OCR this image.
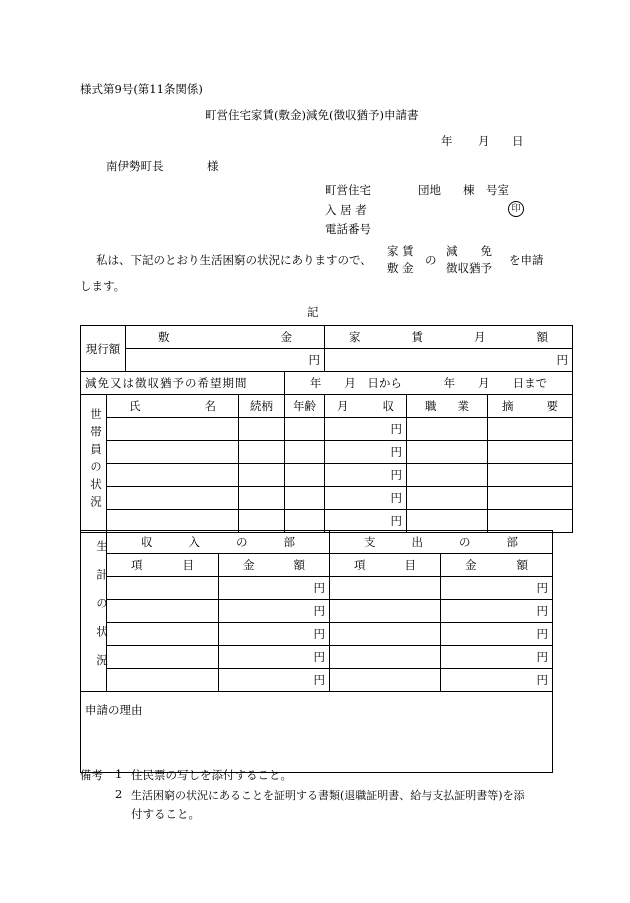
様式第9号(第11条関係)
町営住宅家賃(敷金)減免(徴収猶予)申請書
年 月 日
南伊勢町長	様
町営住宅	団地 棟 号室
入 居 者	印
電話番号
私は、下記のとおり生活困窮の状況にありますので、
家 賃
敷 金
の
減　　免
徴収猶予
を申請
します。
記
現行額		敷 金			家 賃 月 額		

		円			円		
減免又は徴収猶予の希望期間				年　　月　日から 年　　月　　日まで			

世帯員の状況	氏 名		続柄	年齢	月 収	職 業	摘 要

					円		
					円		
					円		
					円		
					円		
生計の状況	収 入 の 部		支 出 の 部	

	項 目	金 額	項 目	金 額

		円		円
		円		円
		円		円
		円		円
		円		円
申請の理由				
備考 1 住民票の写しを添付すること。
2 生活困窮の状況にあることを証明する書類(退職証明書、給与支払証明書等)を添
付すること。
